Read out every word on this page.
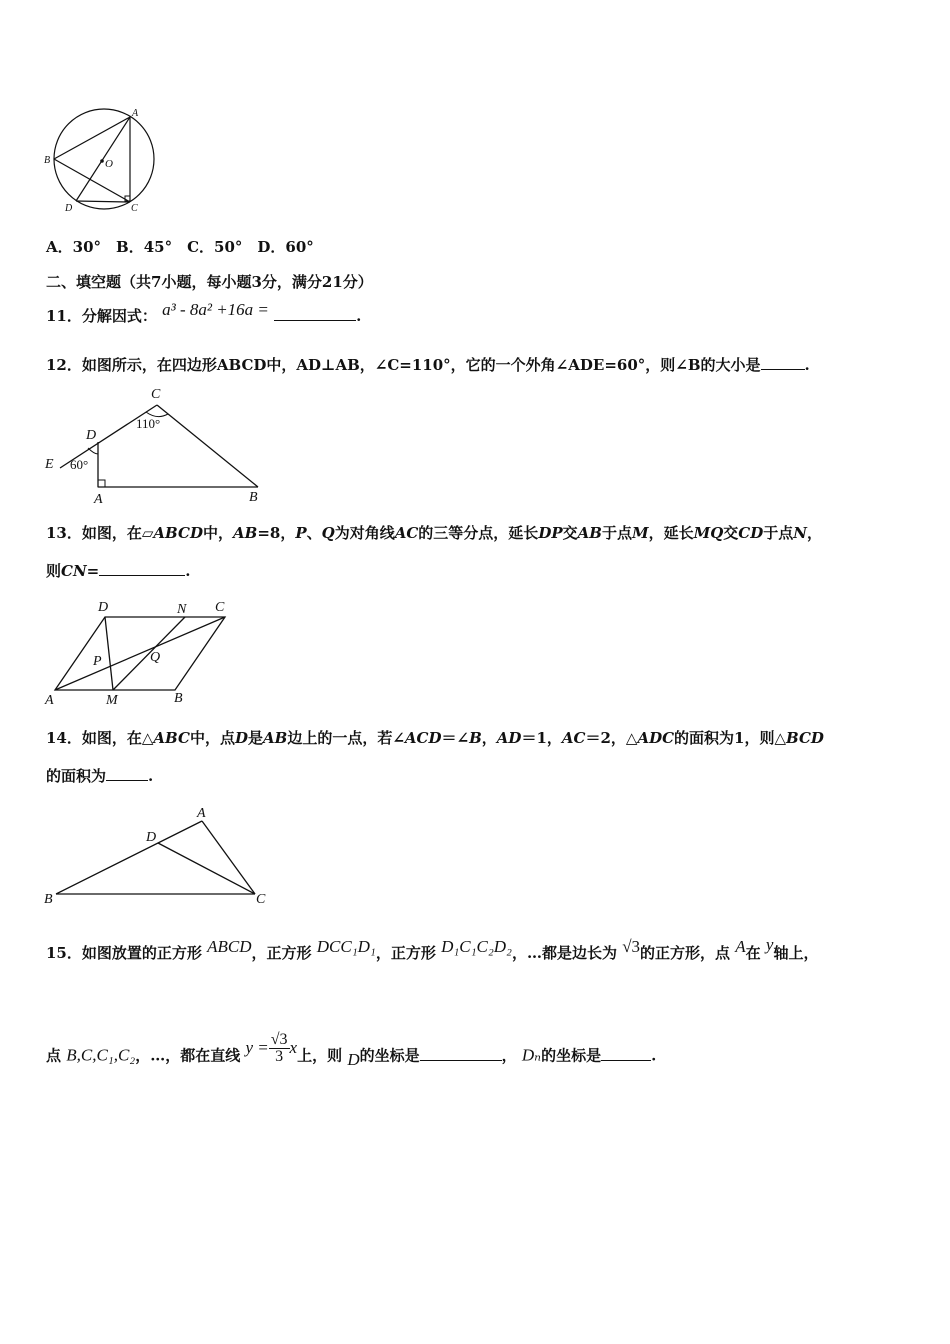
A
B	O
D	C
A．30°　B．45°　C．50°　D．60°
二、填空题（共7小题，每小题3分，满分21分）
11．分解因式： a³ - 8a² +16a =	.
12．如图所示，在四边形ABCD中，AD⊥AB，∠C=110°，它的一个外角∠ADE=60°，则∠B的大小是	.
C
D
E
A	B
110°
60°
13．如图，在▱ABCD中，AB=8，P、Q为对角线AC的三等分点，延长DP交AB于点M，延长MQ交CD于点N，
则CN=	.
D	N C
P	Q
A	M	B
14．如图，在△ABC中，点D是AB边上的一点，若∠ACD＝∠B，AD＝1，AC＝2，△ADC的面积为1，则△BCD
的面积为	.
A
D
B	C
15．如图放置的正方形 ABCD，正方形 DCC₁D₁，正方形 D₁C₁C₂D₂，…都是边长为 √3的正方形，点 A在 y轴上，
点 B,C,C₁,C₂，…，都在直线 $y = \frac{√3}{3}$ x上，则 D的坐标是	， Dₙ的坐标是	.
